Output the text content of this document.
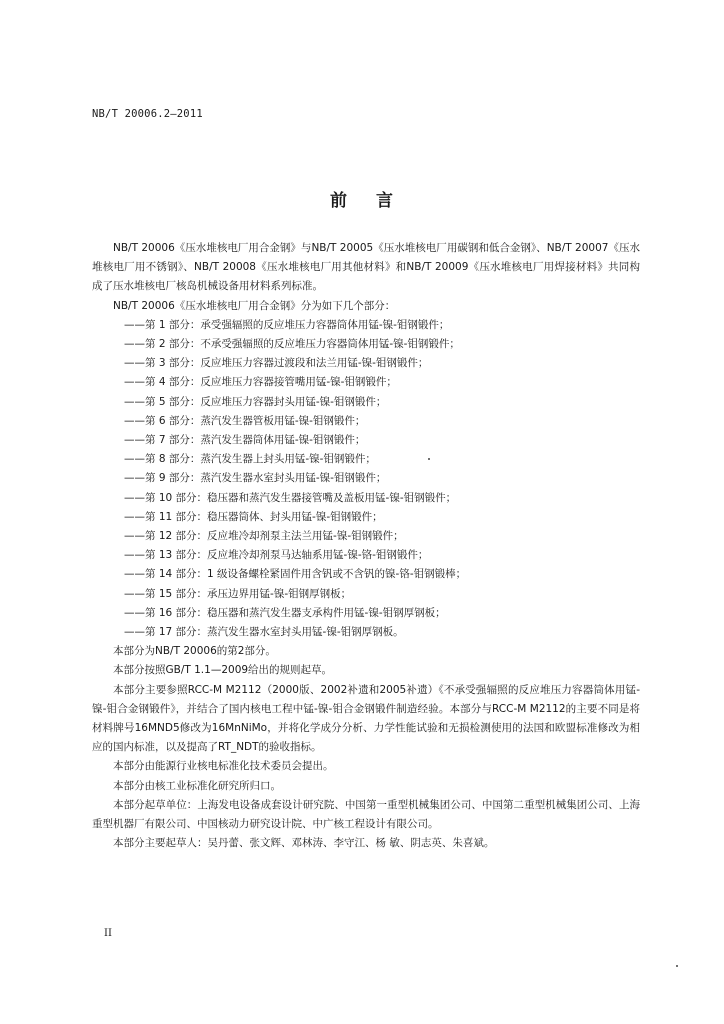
NB/T 20006.2—2011
前 言

NB/T 20006《压水堆核电厂用合金钢》与NB/T 20005《压水堆核电厂用碳钢和低合金钢》、NB/T 20007《压水堆核电厂用不锈钢》、NB/T 20008《压水堆核电厂用其他材料》和NB/T 20009《压水堆核电厂用焊接材料》共同构成了压水堆核电厂核岛机械设备用材料系列标准。

NB/T 20006《压水堆核电厂用合金钢》分为如下几个部分：

——第 1 部分：承受强辐照的反应堆压力容器筒体用锰-镍-钼钢锻件；
——第 2 部分：不承受强辐照的反应堆压力容器筒体用锰-镍-钼钢锻件；
——第 3 部分：反应堆压力容器过渡段和法兰用锰-镍-钼钢锻件；
——第 4 部分：反应堆压力容器接管嘴用锰-镍-钼钢锻件；
——第 5 部分：反应堆压力容器封头用锰-镍-钼钢锻件；
——第 6 部分：蒸汽发生器管板用锰-镍-钼钢锻件；
——第 7 部分：蒸汽发生器筒体用锰-镍-钼钢锻件；
——第 8 部分：蒸汽发生器上封头用锰-镍-钼钢锻件；
——第 9 部分：蒸汽发生器水室封头用锰-镍-钼钢锻件；
——第 10 部分：稳压器和蒸汽发生器接管嘴及盖板用锰-镍-钼钢锻件；
——第 11 部分：稳压器筒体、封头用锰-镍-钼钢锻件；
——第 12 部分：反应堆冷却剂泵主法兰用锰-镍-钼钢锻件；
——第 13 部分：反应堆冷却剂泵马达轴系用锰-镍-铬-钼钢锻件；
——第 14 部分：1 级设备螺栓紧固件用含钒或不含钒的镍-铬-钼钢锻棒；
——第 15 部分：承压边界用锰-镍-钼钢厚钢板；
——第 16 部分：稳压器和蒸汽发生器支承构件用锰-镍-钼钢厚钢板；
——第 17 部分：蒸汽发生器水室封头用锰-镍-钼钢厚钢板。

本部分为NB/T 20006的第2部分。

本部分按照GB/T 1.1—2009给出的规则起草。

本部分主要参照RCC-M M2112（2000版、2002补遗和2005补遗）《不承受强辐照的反应堆压力容器筒体用锰-镍-钼合金钢锻件》，并结合了国内核电工程中锰-镍-钼合金钢锻件制造经验。本部分与RCC-M M2112的主要不同是将材料牌号16MND5修改为16MnNiMo，并将化学成分分析、力学性能试验和无损检测使用的法国和欧盟标准修改为相应的国内标准，以及提高了RT_NDT的验收指标。

本部分由能源行业核电标准化技术委员会提出。

本部分由核工业标准化研究所归口。

本部分起草单位：上海发电设备成套设计研究院、中国第一重型机械集团公司、中国第二重型机械集团公司、上海重型机器厂有限公司、中国核动力研究设计院、中广核工程设计有限公司。

本部分主要起草人：吴丹蕾、张文辉、邓林涛、李守江、杨 敏、阴志英、朱喜斌。

II
